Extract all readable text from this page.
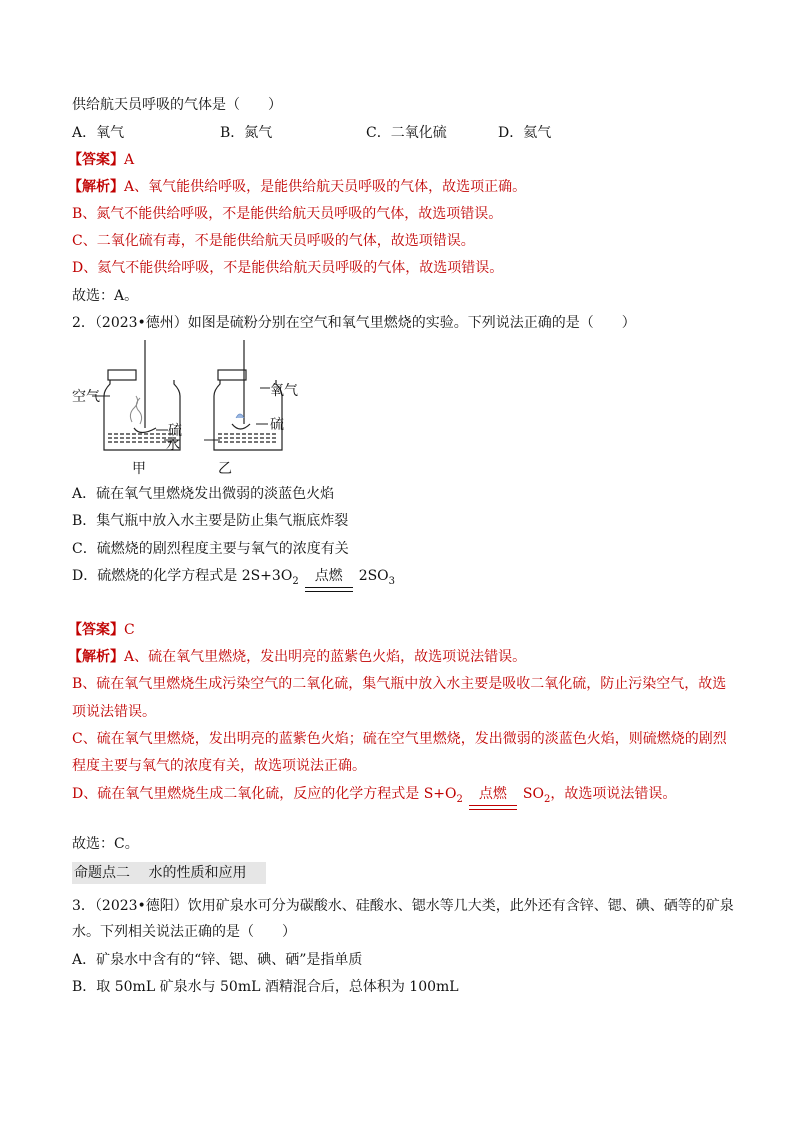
供给航天员呼吸的气体是（　　）
A．氧气	B．氮气	C．二氧化硫	D．氦气
【答案】A
【解析】A、氧气能供给呼吸，是能供给航天员呼吸的气体，故选项正确。
B、氮气不能供给呼吸，不是能供给航天员呼吸的气体，故选项错误。
C、二氧化硫有毒，不是能供给航天员呼吸的气体，故选项错误。
D、氦气不能供给呼吸，不是能供给航天员呼吸的气体，故选项错误。
故选：A。
2．（2023•德州）如图是硫粉分别在空气和氧气里燃烧的实验。下列说法正确的是（　　）
空气
硫
水
氧气
硫
甲	乙
A．硫在氧气里燃烧发出微弱的淡蓝色火焰
B．集气瓶中放入水主要是防止集气瓶底炸裂
C．硫燃烧的剧烈程度主要与氧气的浓度有关
D．硫燃烧的化学方程式是 $2S+3O_2$ 点燃 $2SO_3$
【答案】C
【解析】A、硫在氧气里燃烧，发出明亮的蓝紫色火焰，故选项说法错误。
B、硫在氧气里燃烧生成污染空气的二氧化硫，集气瓶中放入水主要是吸收二氧化硫，防止污染空气，故选
项说法错误。
C、硫在氧气里燃烧，发出明亮的蓝紫色火焰；硫在空气里燃烧，发出微弱的淡蓝色火焰，则硫燃烧的剧烈
程度主要与氧气的浓度有关，故选项说法正确。
D、硫在氧气里燃烧生成二氧化硫，反应的化学方程式是 $S+O_2$ 点燃 $SO_2$，故选项说法错误。
故选：C。
命题点二　 水的性质和应用
3．（2023•德阳）饮用矿泉水可分为碳酸水、硅酸水、锶水等几大类，此外还有含锌、锶、碘、硒等的矿泉
水。下列相关说法正确的是（　　）
A．矿泉水中含有的“锌、锶、碘、硒”是指单质
B．取 50mL 矿泉水与 50mL 酒精混合后，总体积为 100mL
